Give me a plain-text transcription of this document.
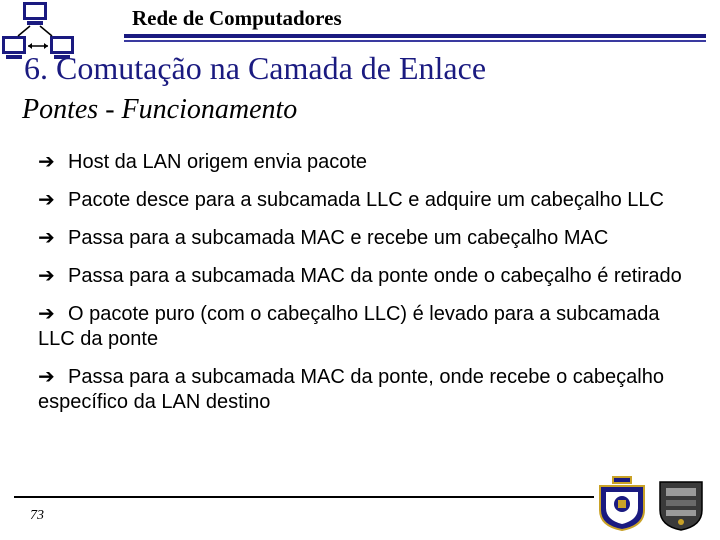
Rede de Computadores
6. Comutação na Camada de Enlace
Pontes - Funcionamento
➔ Host da LAN origem envia pacote
➔ Pacote desce para a subcamada LLC e adquire um cabeçalho LLC
➔ Passa para a subcamada MAC e recebe um cabeçalho MAC
➔ Passa para a subcamada MAC da ponte onde o cabeçalho é retirado
➔ O pacote puro (com o cabeçalho LLC) é levado para a subcamada LLC da ponte
➔ Passa para a subcamada MAC da ponte, onde recebe o cabeçalho específico da LAN destino
73
